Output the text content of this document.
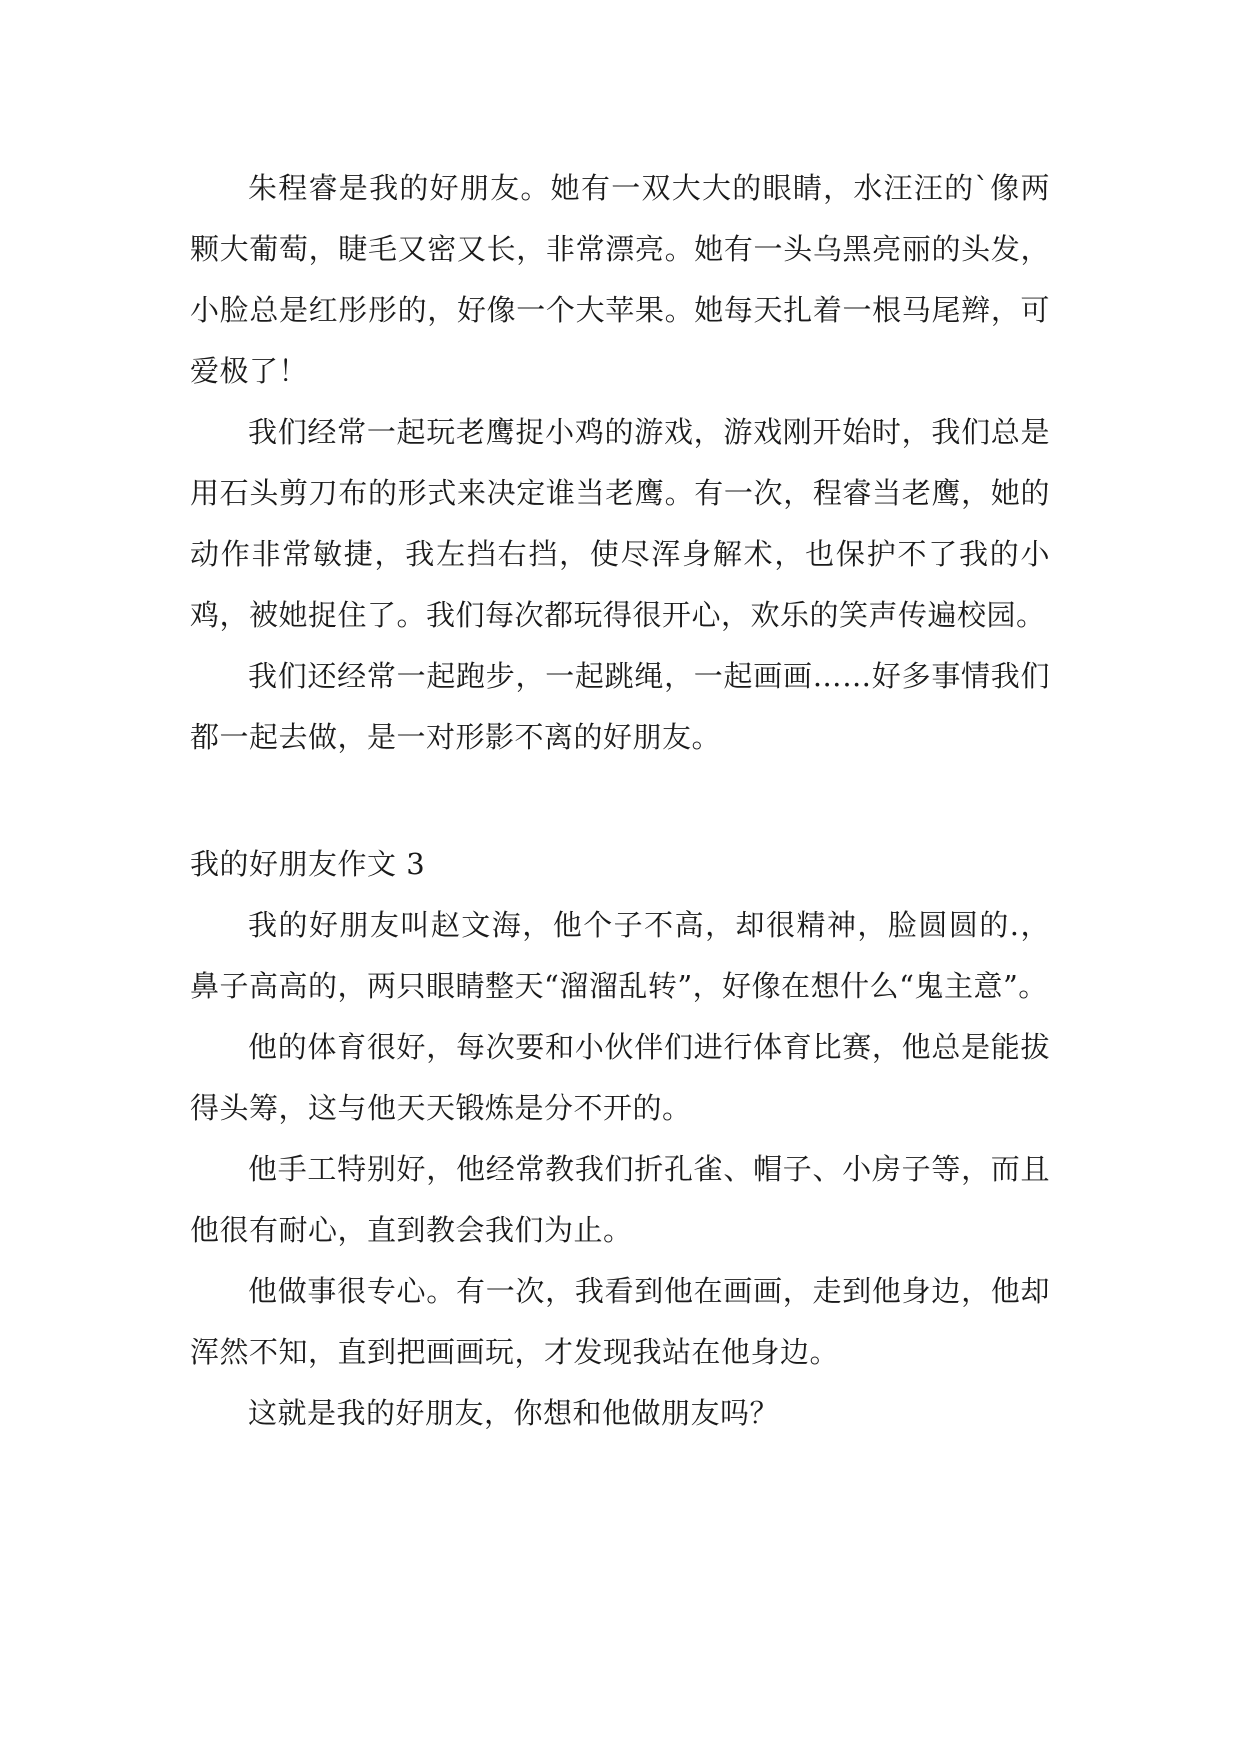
朱程睿是我的好朋友。她有一双大大的眼睛，水汪汪的`像两颗大葡萄，睫毛又密又长，非常漂亮。她有一头乌黑亮丽的头发，小脸总是红彤彤的，好像一个大苹果。她每天扎着一根马尾辫，可爱极了！

我们经常一起玩老鹰捉小鸡的游戏，游戏刚开始时，我们总是用石头剪刀布的形式来决定谁当老鹰。有一次，程睿当老鹰，她的动作非常敏捷，我左挡右挡，使尽浑身解术，也保护不了我的小鸡，被她捉住了。我们每次都玩得很开心，欢乐的笑声传遍校园。

我们还经常一起跑步，一起跳绳，一起画画……好多事情我们都一起去做，是一对形影不离的好朋友。

我的好朋友作文 3

我的好朋友叫赵文海，他个子不高，却很精神，脸圆圆的.，鼻子高高的，两只眼睛整天“溜溜乱转”，好像在想什么“鬼主意”。

他的体育很好，每次要和小伙伴们进行体育比赛，他总是能拔得头筹，这与他天天锻炼是分不开的。

他手工特别好，他经常教我们折孔雀、帽子、小房子等，而且他很有耐心，直到教会我们为止。

他做事很专心。有一次，我看到他在画画，走到他身边，他却浑然不知，直到把画画玩，才发现我站在他身边。

这就是我的好朋友，你想和他做朋友吗？
